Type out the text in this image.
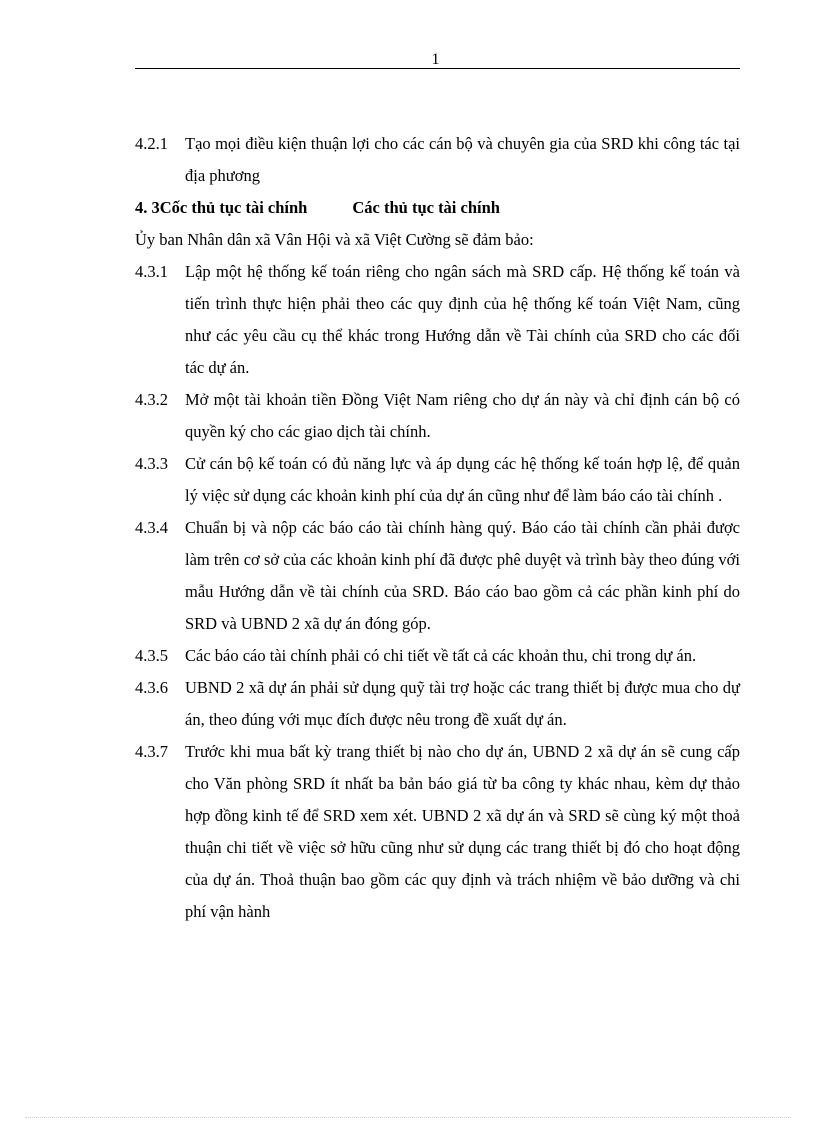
1
4.2.1	Tạo mọi điều kiện thuận lợi cho các cán bộ và chuyên gia của SRD khi công tác tại địa phương
4. 3Cốc thủ tục tài chính	Các thủ tục tài chính
Ủy ban Nhân dân xã Vân Hội và xã Việt Cường sẽ đảm bảo:
4.3.1	Lập một hệ thống kế toán riêng cho ngân sách mà SRD cấp. Hệ thống kế toán và tiến trình thực hiện phải theo các quy định của hệ thống kế toán Việt Nam, cũng như các yêu cầu cụ thể khác trong Hướng dẫn về Tài chính của SRD cho các đối tác dự án.
4.3.2	Mở một tài khoản tiền Đồng Việt Nam riêng cho dự án này và chỉ định cán bộ có quyền ký cho các giao dịch tài chính.
4.3.3	Cử cán bộ kế toán có đủ năng lực và áp dụng các hệ thống kế toán hợp lệ, để quản lý việc sử dụng các khoản kinh phí của dự án cũng như để làm báo cáo tài chính .
4.3.4	Chuẩn bị và nộp các báo cáo tài chính hàng quý. Báo cáo tài chính cần phải được làm trên cơ sở của các khoản kinh phí đã được phê duyệt và trình bày theo đúng với mẫu Hướng dẫn về tài chính của SRD. Báo cáo bao gồm cả các phần kinh phí do SRD và UBND 2 xã dự án đóng góp.
4.3.5	Các báo cáo tài chính phải có chi tiết về tất cả các khoản thu, chi trong dự án.
4.3.6	UBND 2 xã dự án phải sử dụng quỹ tài trợ hoặc các trang thiết bị được mua cho dự án, theo đúng với mục đích được nêu trong đề xuất dự án.
4.3.7	Trước khi mua bất kỳ trang thiết bị nào cho dự án, UBND 2 xã dự án sẽ cung cấp cho Văn phòng SRD ít nhất ba bản báo giá từ ba công ty khác nhau, kèm dự thảo hợp đồng kinh tế để SRD xem xét. UBND 2 xã dự án và SRD sẽ cùng ký một thoả thuận chi tiết về việc sở hữu cũng như sử dụng các trang thiết bị đó cho hoạt động của dự án. Thoả thuận bao gồm các quy định và trách nhiệm về bảo dưỡng và chi phí vận hành
